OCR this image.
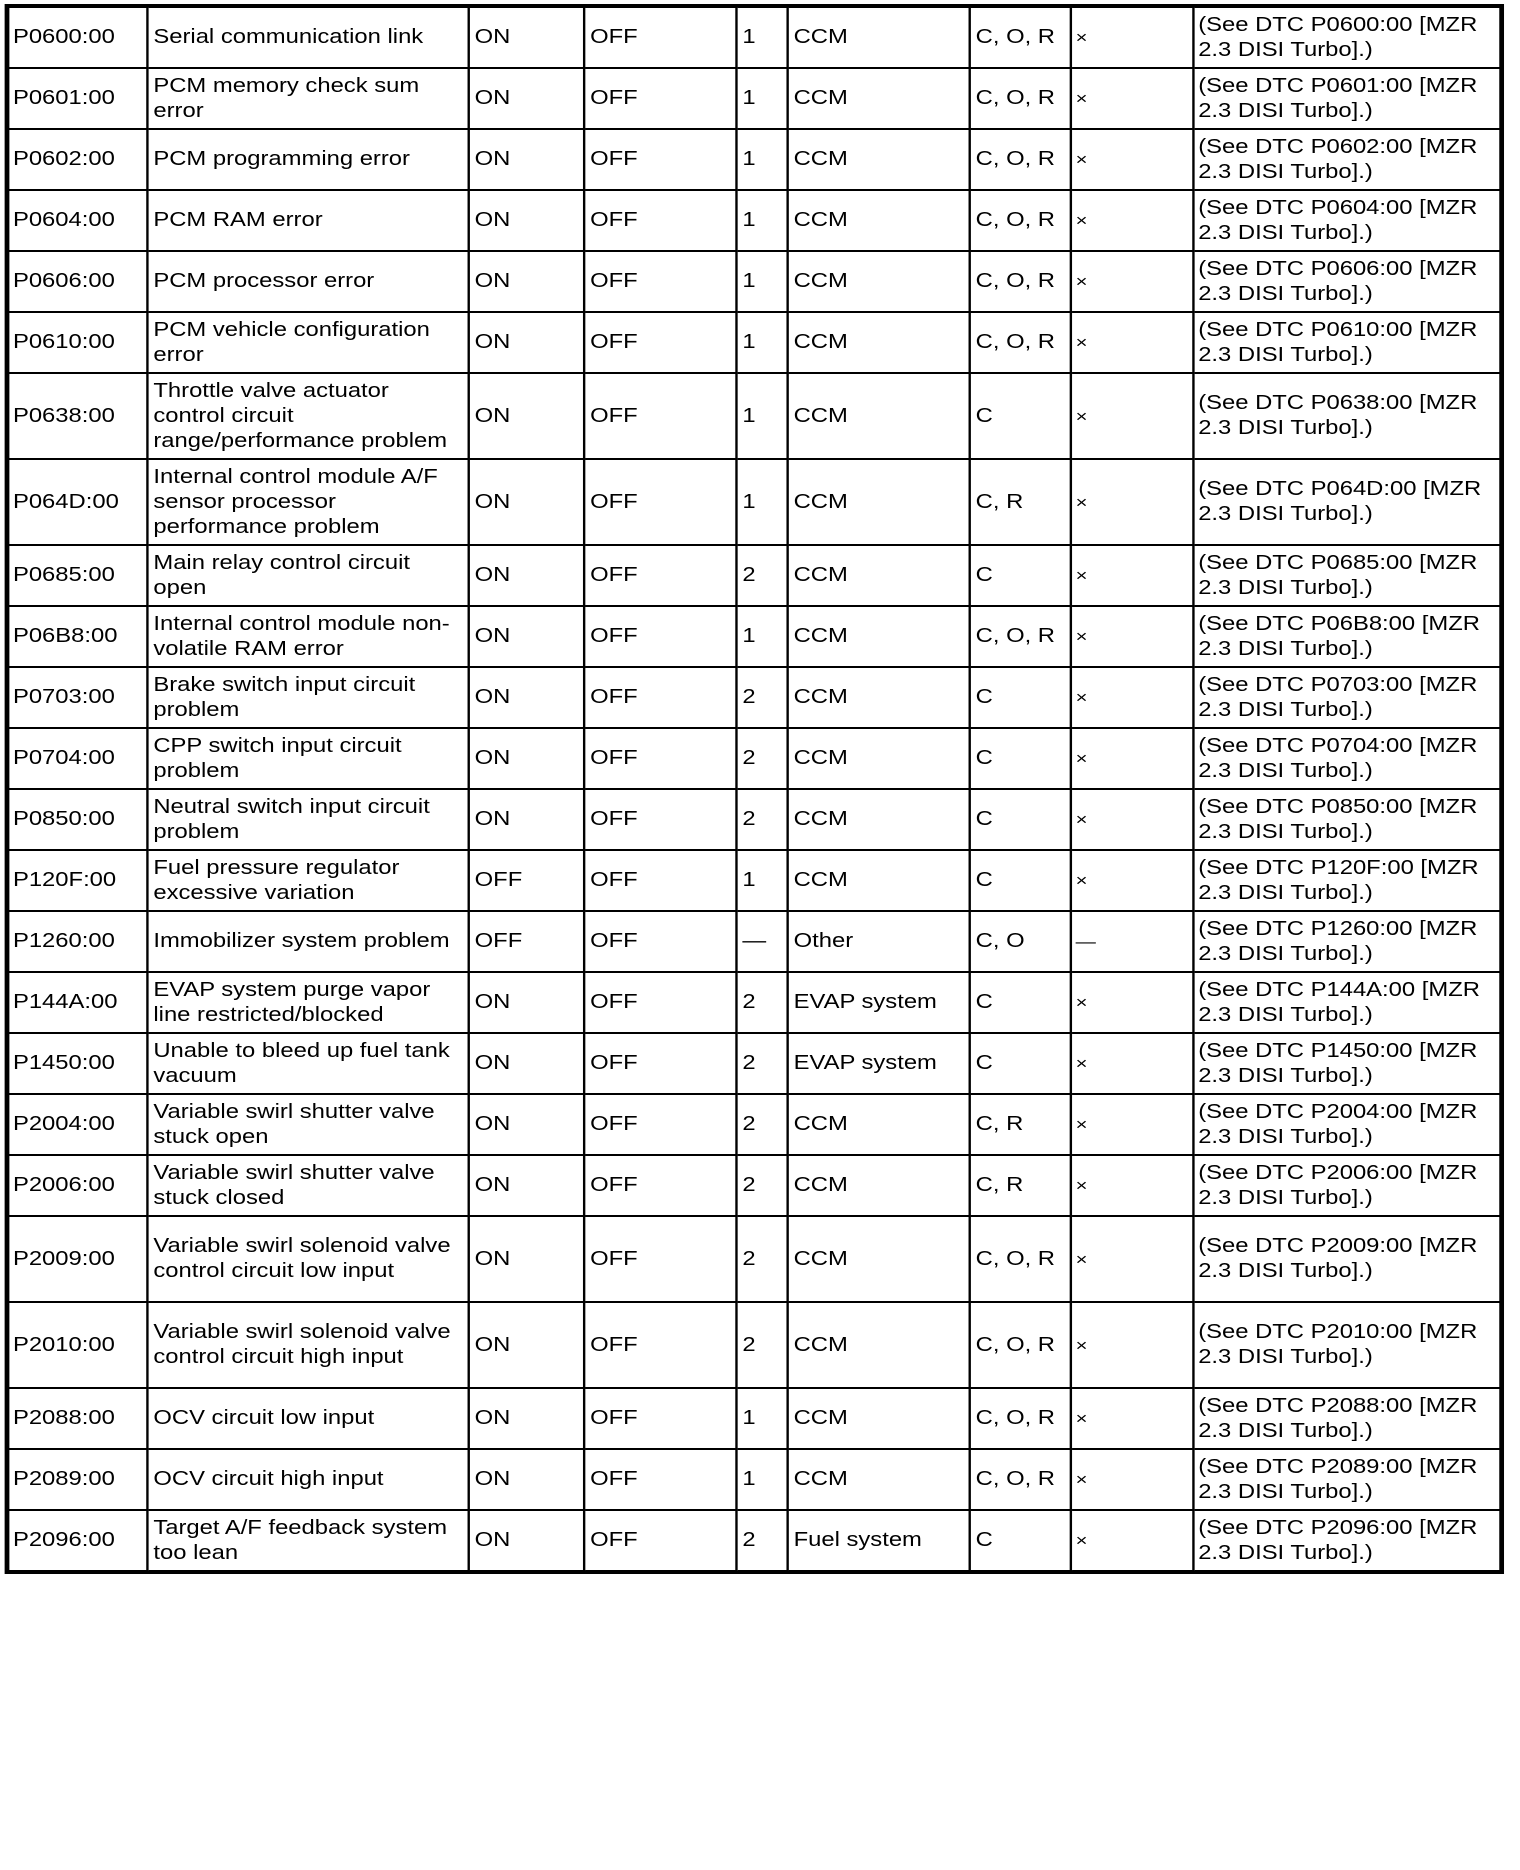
P0600:00	Serial communication link	ON	OFF	1	CCM	C, O, R	×	(See DTC P0600:00 [MZR 2.3 DISI Turbo].)
P0601:00	PCM memory check sum error	ON	OFF	1	CCM	C, O, R	×	(See DTC P0601:00 [MZR 2.3 DISI Turbo].)
P0602:00	PCM programming error	ON	OFF	1	CCM	C, O, R	×	(See DTC P0602:00 [MZR 2.3 DISI Turbo].)
P0604:00	PCM RAM error	ON	OFF	1	CCM	C, O, R	×	(See DTC P0604:00 [MZR 2.3 DISI Turbo].)
P0606:00	PCM processor error	ON	OFF	1	CCM	C, O, R	×	(See DTC P0606:00 [MZR 2.3 DISI Turbo].)
P0610:00	PCM vehicle configuration error	ON	OFF	1	CCM	C, O, R	×	(See DTC P0610:00 [MZR 2.3 DISI Turbo].)
P0638:00	Throttle valve actuator control circuit range/performance problem	ON	OFF	1	CCM	C	×	(See DTC P0638:00 [MZR 2.3 DISI Turbo].)
P064D:00	Internal control module A/F sensor processor performance problem	ON	OFF	1	CCM	C, R	×	(See DTC P064D:00 [MZR 2.3 DISI Turbo].)
P0685:00	Main relay control circuit open	ON	OFF	2	CCM	C	×	(See DTC P0685:00 [MZR 2.3 DISI Turbo].)
P06B8:00	Internal control module non-volatile RAM error	ON	OFF	1	CCM	C, O, R	×	(See DTC P06B8:00 [MZR 2.3 DISI Turbo].)
P0703:00	Brake switch input circuit problem	ON	OFF	2	CCM	C	×	(See DTC P0703:00 [MZR 2.3 DISI Turbo].)
P0704:00	CPP switch input circuit problem	ON	OFF	2	CCM	C	×	(See DTC P0704:00 [MZR 2.3 DISI Turbo].)
P0850:00	Neutral switch input circuit problem	ON	OFF	2	CCM	C	×	(See DTC P0850:00 [MZR 2.3 DISI Turbo].)
P120F:00	Fuel pressure regulator excessive variation	OFF	OFF	1	CCM	C	×	(See DTC P120F:00 [MZR 2.3 DISI Turbo].)
P1260:00	Immobilizer system problem	OFF	OFF	—	Other	C, O	—	(See DTC P1260:00 [MZR 2.3 DISI Turbo].)
P144A:00	EVAP system purge vapor line restricted/blocked	ON	OFF	2	EVAP system	C	×	(See DTC P144A:00 [MZR 2.3 DISI Turbo].)
P1450:00	Unable to bleed up fuel tank vacuum	ON	OFF	2	EVAP system	C	×	(See DTC P1450:00 [MZR 2.3 DISI Turbo].)
P2004:00	Variable swirl shutter valve stuck open	ON	OFF	2	CCM	C, R	×	(See DTC P2004:00 [MZR 2.3 DISI Turbo].)
P2006:00	Variable swirl shutter valve stuck closed	ON	OFF	2	CCM	C, R	×	(See DTC P2006:00 [MZR 2.3 DISI Turbo].)
P2009:00	Variable swirl solenoid valve control circuit low input	ON	OFF	2	CCM	C, O, R	×	(See DTC P2009:00 [MZR 2.3 DISI Turbo].)
P2010:00	Variable swirl solenoid valve control circuit high input	ON	OFF	2	CCM	C, O, R	×	(See DTC P2010:00 [MZR 2.3 DISI Turbo].)
P2088:00	OCV circuit low input	ON	OFF	1	CCM	C, O, R	×	(See DTC P2088:00 [MZR 2.3 DISI Turbo].)
P2089:00	OCV circuit high input	ON	OFF	1	CCM	C, O, R	×	(See DTC P2089:00 [MZR 2.3 DISI Turbo].)
P2096:00	Target A/F feedback system too lean	ON	OFF	2	Fuel system	C	×	(See DTC P2096:00 [MZR 2.3 DISI Turbo].)
